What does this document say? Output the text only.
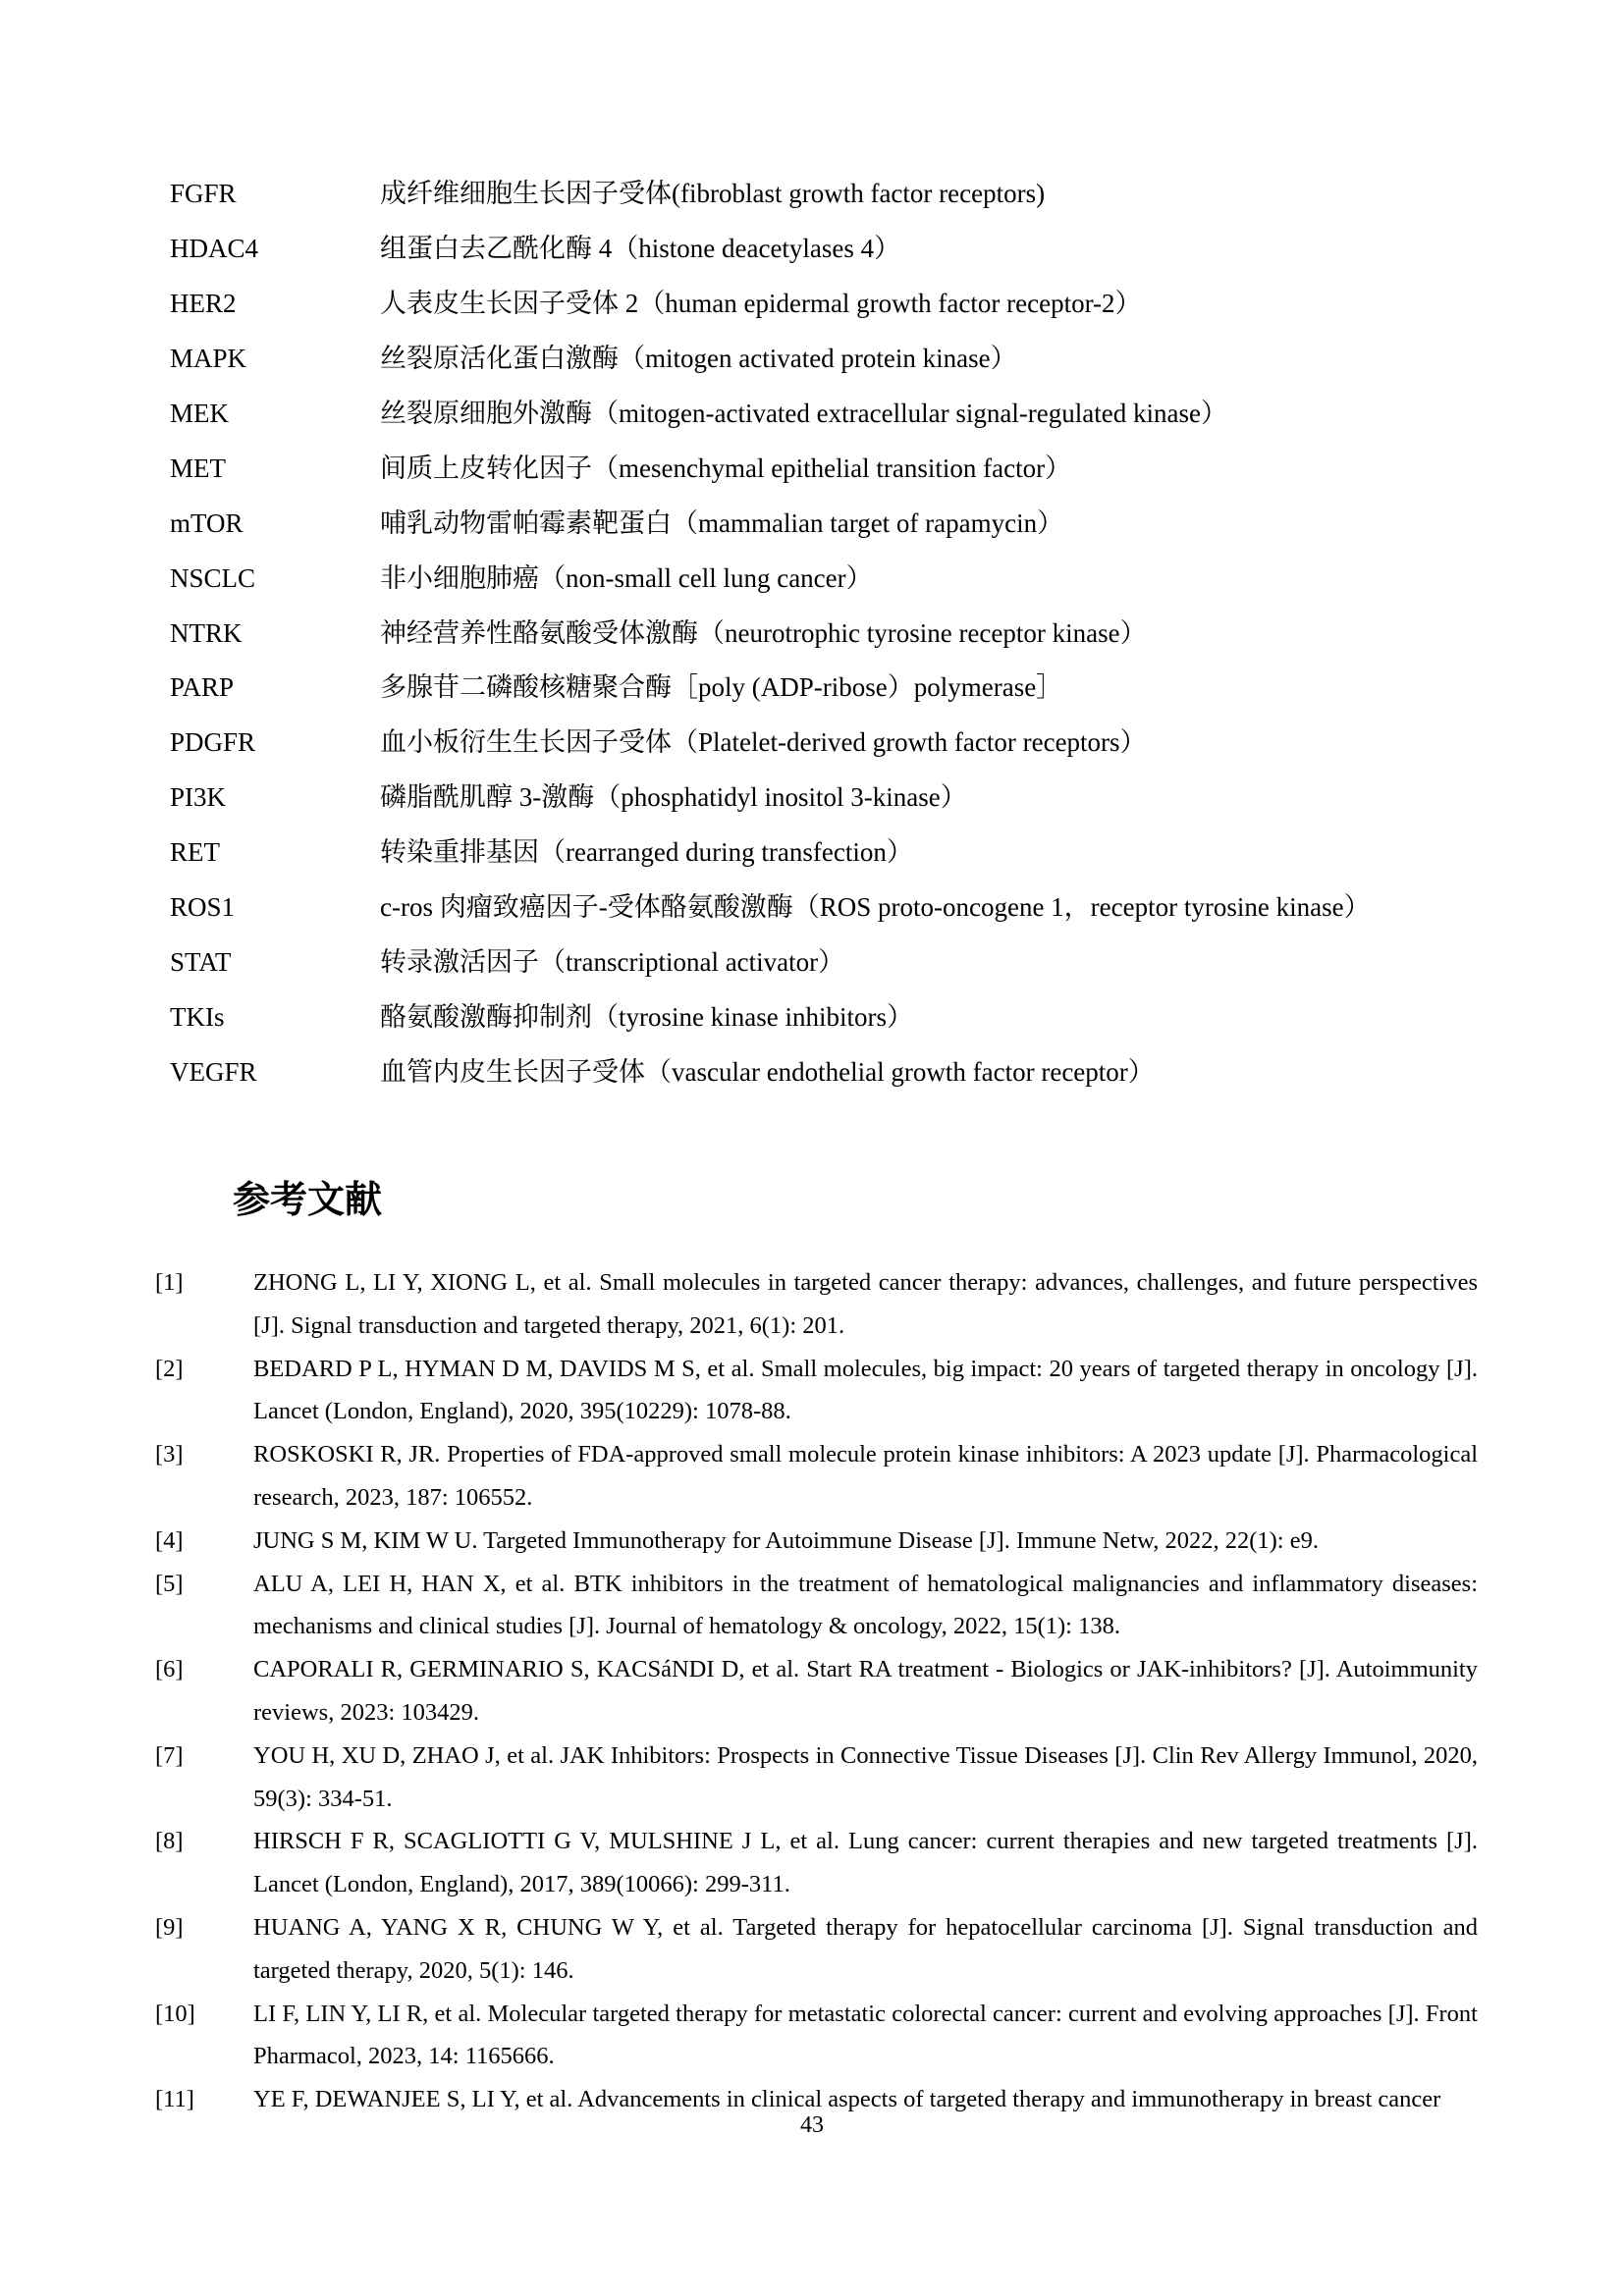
FGFR	成纤维细胞生长因子受体(fibroblast growth factor receptors)
HDAC4	组蛋白去乙酰化酶 4（histone deacetylases 4）
HER2	人表皮生长因子受体 2（human epidermal growth factor receptor-2）
MAPK	丝裂原活化蛋白激酶（mitogen activated protein kinase）
MEK	丝裂原细胞外激酶（mitogen-activated extracellular signal-regulated kinase）
MET	间质上皮转化因子（mesenchymal epithelial transition factor）
mTOR	哺乳动物雷帕霉素靶蛋白（mammalian target of rapamycin）
NSCLC	非小细胞肺癌（non-small cell lung cancer）
NTRK	神经营养性酪氨酸受体激酶（neurotrophic tyrosine receptor kinase）
PARP	多腺苷二磷酸核糖聚合酶［poly (ADP-ribose）polymerase］
PDGFR	血小板衍生生长因子受体（Platelet-derived growth factor receptors）
PI3K	磷脂酰肌醇 3-激酶（phosphatidyl inositol 3-kinase）
RET	转染重排基因（rearranged during transfection）
ROS1	c-ros 肉瘤致癌因子-受体酪氨酸激酶（ROS proto-oncogene 1，receptor tyrosine kinase）
STAT	转录激活因子（transcriptional activator）
TKIs	酪氨酸激酶抑制剂（tyrosine kinase inhibitors）
VEGFR	血管内皮生长因子受体（vascular endothelial growth factor receptor）
参考文献
[1]	ZHONG L, LI Y, XIONG L, et al. Small molecules in targeted cancer therapy: advances, challenges, and future perspectives [J]. Signal transduction and targeted therapy, 2021, 6(1): 201.
[2]	BEDARD P L, HYMAN D M, DAVIDS M S, et al. Small molecules, big impact: 20 years of targeted therapy in oncology [J]. Lancet (London, England), 2020, 395(10229): 1078-88.
[3]	ROSKOSKI R, JR. Properties of FDA-approved small molecule protein kinase inhibitors: A 2023 update [J]. Pharmacological research, 2023, 187: 106552.
[4]	JUNG S M, KIM W U. Targeted Immunotherapy for Autoimmune Disease [J]. Immune Netw, 2022, 22(1): e9.
[5]	ALU A, LEI H, HAN X, et al. BTK inhibitors in the treatment of hematological malignancies and inflammatory diseases: mechanisms and clinical studies [J]. Journal of hematology & oncology, 2022, 15(1): 138.
[6]	CAPORALI R, GERMINARIO S, KACSáNDI D, et al. Start RA treatment - Biologics or JAK-inhibitors? [J]. Autoimmunity reviews, 2023: 103429.
[7]	YOU H, XU D, ZHAO J, et al. JAK Inhibitors: Prospects in Connective Tissue Diseases [J]. Clin Rev Allergy Immunol, 2020, 59(3): 334-51.
[8]	HIRSCH F R, SCAGLIOTTI G V, MULSHINE J L, et al. Lung cancer: current therapies and new targeted treatments [J]. Lancet (London, England), 2017, 389(10066): 299-311.
[9]	HUANG A, YANG X R, CHUNG W Y, et al. Targeted therapy for hepatocellular carcinoma [J]. Signal transduction and targeted therapy, 2020, 5(1): 146.
[10]	LI F, LIN Y, LI R, et al. Molecular targeted therapy for metastatic colorectal cancer: current and evolving approaches [J]. Front Pharmacol, 2023, 14: 1165666.
[11]	YE F, DEWANJEE S, LI Y, et al. Advancements in clinical aspects of targeted therapy and immunotherapy in breast cancer
43
